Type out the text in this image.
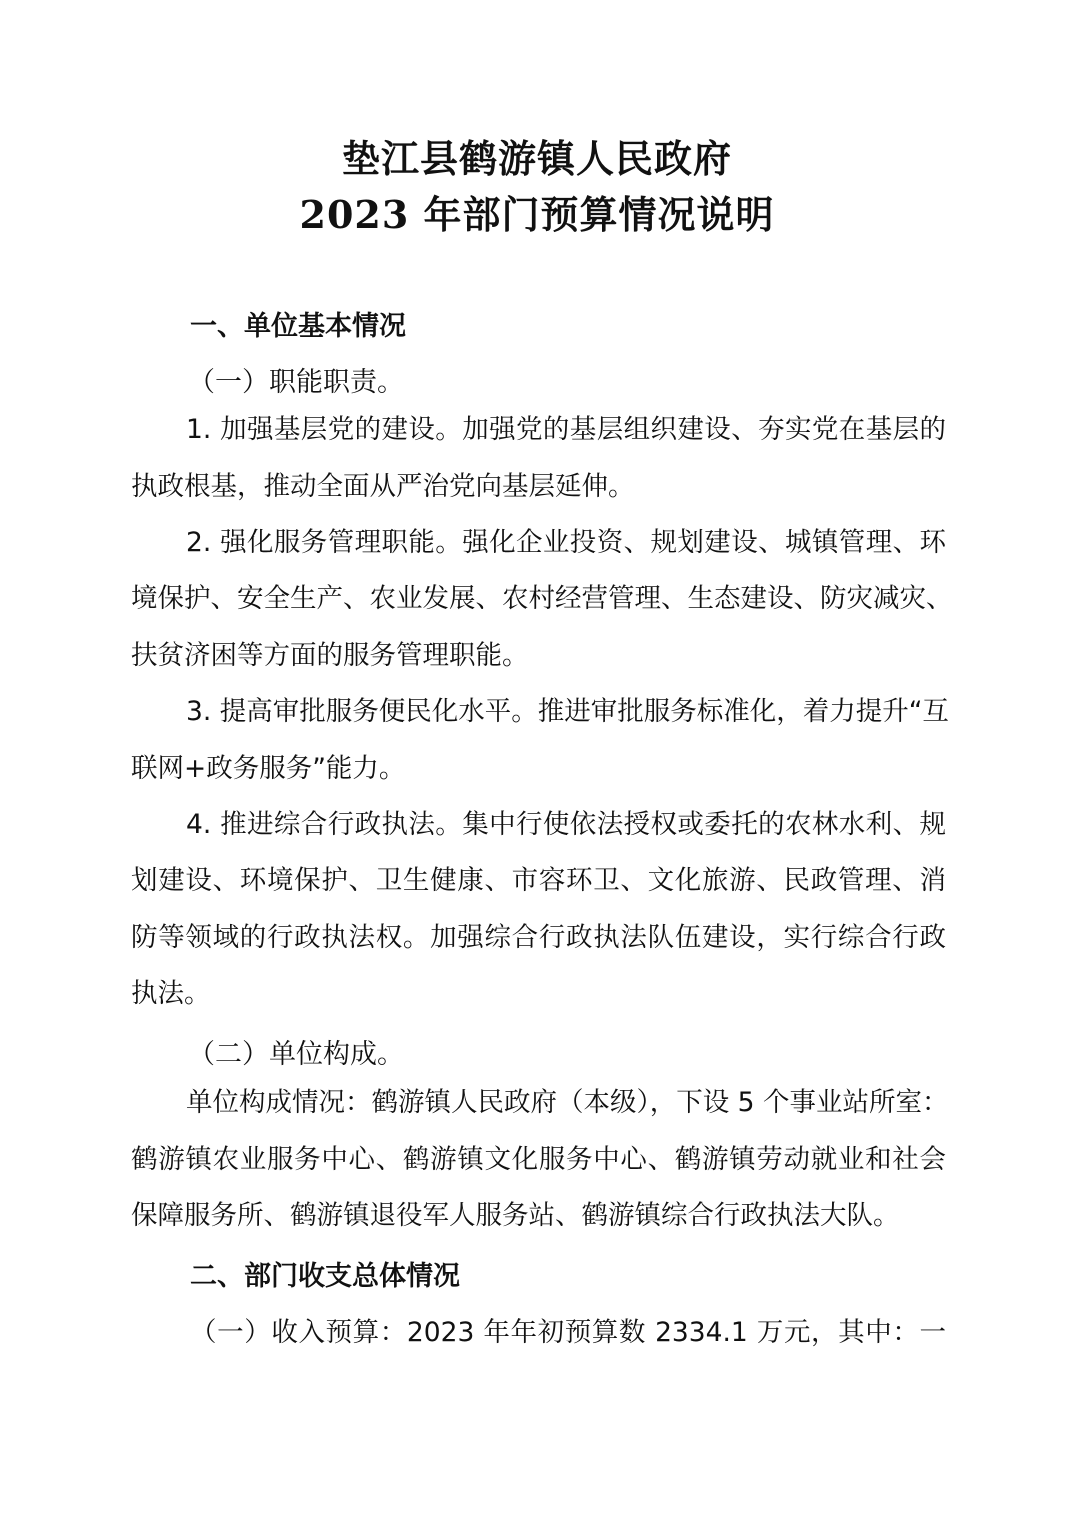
垫江县鹤游镇人民政府
2023 年部门预算情况说明
一、单位基本情况
（一）职能职责。
1. 加强基层党的建设。加强党的基层组织建设、夯实党在基层的
执政根基，推动全面从严治党向基层延伸。
2. 强化服务管理职能。强化企业投资、规划建设、城镇管理、环
境保护、安全生产、农业发展、农村经营管理、生态建设、防灾减灾、
扶贫济困等方面的服务管理职能。
3. 提高审批服务便民化水平。推进审批服务标准化，着力提升“互
联网+政务服务”能力。
4. 推进综合行政执法。集中行使依法授权或委托的农林水利、规
划建设、环境保护、卫生健康、市容环卫、文化旅游、民政管理、消
防等领域的行政执法权。加强综合行政执法队伍建设，实行综合行政
执法。
（二）单位构成。
单位构成情况：鹤游镇人民政府（本级），下设 5 个事业站所室：
鹤游镇农业服务中心、鹤游镇文化服务中心、鹤游镇劳动就业和社会
保障服务所、鹤游镇退役军人服务站、鹤游镇综合行政执法大队。
二、部门收支总体情况
（一）收入预算：2023 年年初预算数 2334.1 万元，其中：一
